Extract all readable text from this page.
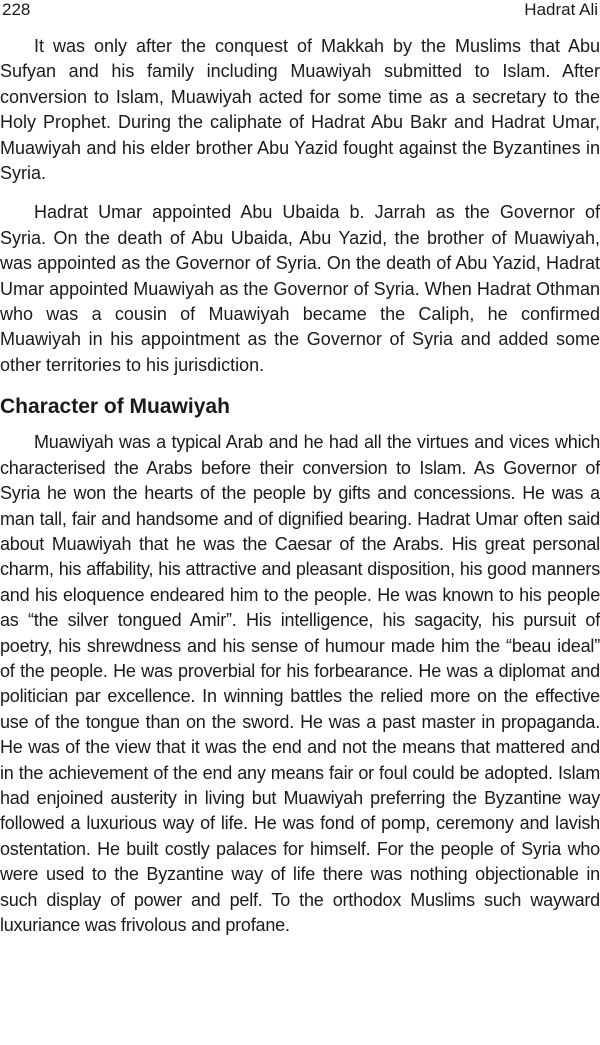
228	Hadrat Ali

It was only after the conquest of Makkah by the Muslims that Abu Sufyan and his family including Muawiyah submitted to Islam. After conversion to Islam, Muawiyah acted for some time as a secretary to the Holy Prophet. During the caliphate of Hadrat Abu Bakr and Hadrat Umar, Muawiyah and his elder brother Abu Yazid fought against the Byzantines in Syria.

Hadrat Umar appointed Abu Ubaida b. Jarrah as the Governor of Syria. On the death of Abu Ubaida, Abu Yazid, the brother of Muawiyah, was appointed as the Governor of Syria. On the death of Abu Yazid, Hadrat Umar appointed Muawiyah as the Governor of Syria. When Hadrat Othman who was a cousin of Muawiyah became the Caliph, he confirmed Muawiyah in his appointment as the Governor of Syria and added some other territories to his jurisdiction.

Character of Muawiyah

Muawiyah was a typical Arab and he had all the virtues and vices which characterised the Arabs before their conversion to Islam. As Governor of Syria he won the hearts of the people by gifts and concessions. He was a man tall, fair and handsome and of dignified bearing. Hadrat Umar often said about Muawiyah that he was the Caesar of the Arabs. His great personal charm, his affability, his attractive and pleasant disposition, his good manners and his eloquence endeared him to the people. He was known to his people as “the silver tongued Amir”. His intelligence, his sagacity, his pursuit of poetry, his shrewdness and his sense of humour made him the “beau ideal” of the people. He was proverbial for his forbearance. He was a diplomat and politician par excellence. In winning battles the relied more on the effective use of the tongue than on the sword. He was a past master in propaganda. He was of the view that it was the end and not the means that mattered and in the achievement of the end any means fair or foul could be adopted. Islam had enjoined austerity in living but Muawiyah preferring the Byzantine way followed a luxurious way of life. He was fond of pomp, ceremony and lavish ostentation. He built costly palaces for himself. For the people of Syria who were used to the Byzantine way of life there was nothing objectionable in such display of power and pelf. To the orthodox Muslims such wayward luxuriance was frivolous and profane.
